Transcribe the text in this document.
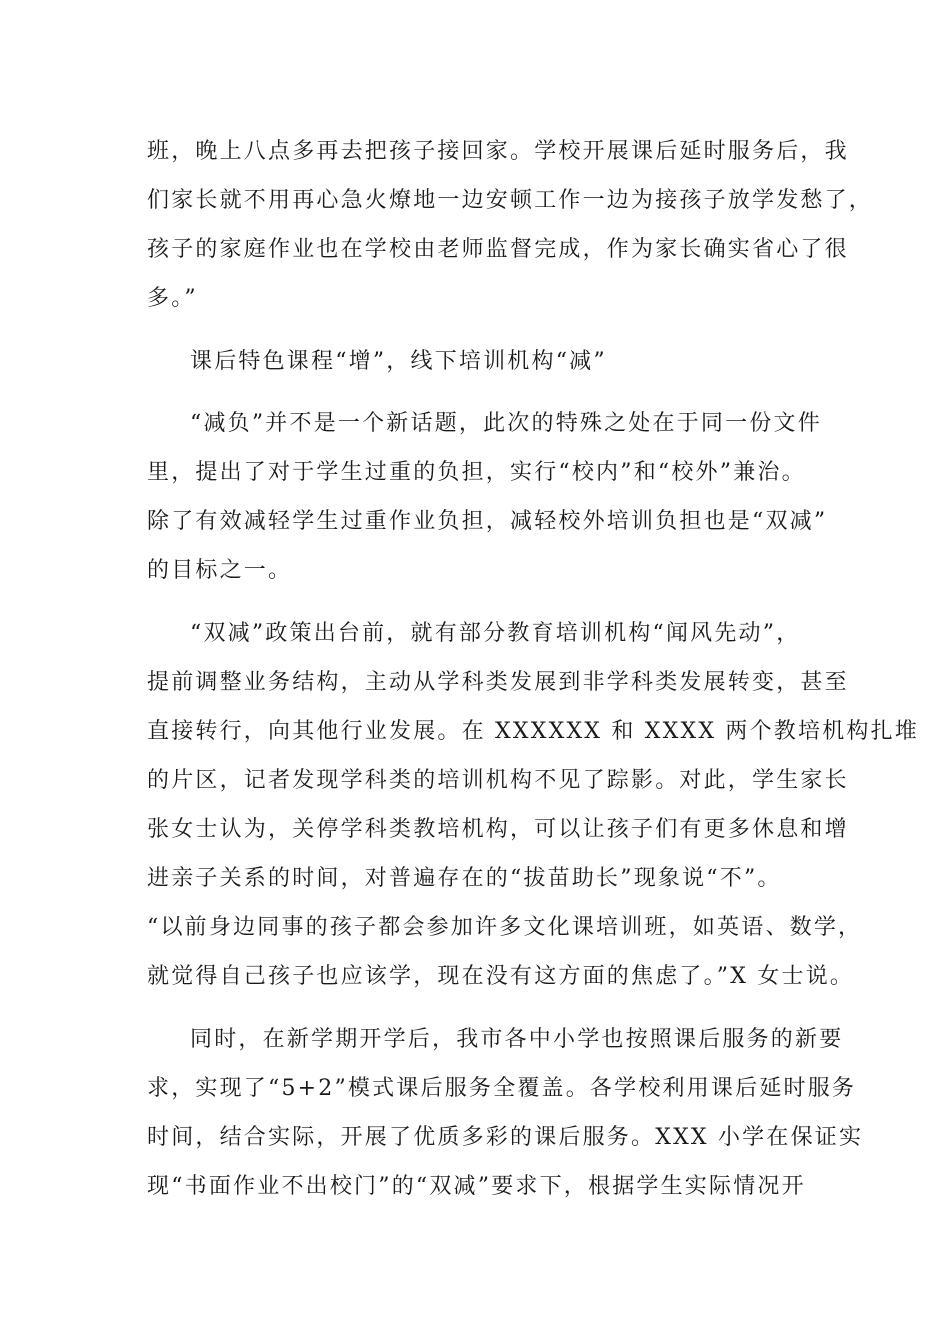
班，晚上八点多再去把孩子接回家。学校开展课后延时服务后，我
们家长就不用再心急火燎地一边安顿工作一边为接孩子放学发愁了，
孩子的家庭作业也在学校由老师监督完成，作为家长确实省心了很
多。”
课后特色课程“增”，线下培训机构“减”
“减负”并不是一个新话题，此次的特殊之处在于同一份文件
里，提出了对于学生过重的负担，实行“校内”和“校外”兼治。
除了有效减轻学生过重作业负担，减轻校外培训负担也是“双减”
的目标之一。
“双减”政策出台前，就有部分教育培训机构“闻风先动”，
提前调整业务结构，主动从学科类发展到非学科类发展转变，甚至
直接转行，向其他行业发展。在 XXXXXX 和 XXXX 两个教培机构扎堆
的片区，记者发现学科类的培训机构不见了踪影。对此，学生家长
张女士认为，关停学科类教培机构，可以让孩子们有更多休息和增
进亲子关系的时间，对普遍存在的“拔苗助长”现象说“不”。
“以前身边同事的孩子都会参加许多文化课培训班，如英语、数学，
就觉得自己孩子也应该学，现在没有这方面的焦虑了。”X 女士说。
同时，在新学期开学后，我市各中小学也按照课后服务的新要
求，实现了“5+2”模式课后服务全覆盖。各学校利用课后延时服务
时间，结合实际，开展了优质多彩的课后服务。XXX 小学在保证实
现“书面作业不出校门”的“双减”要求下，根据学生实际情况开
